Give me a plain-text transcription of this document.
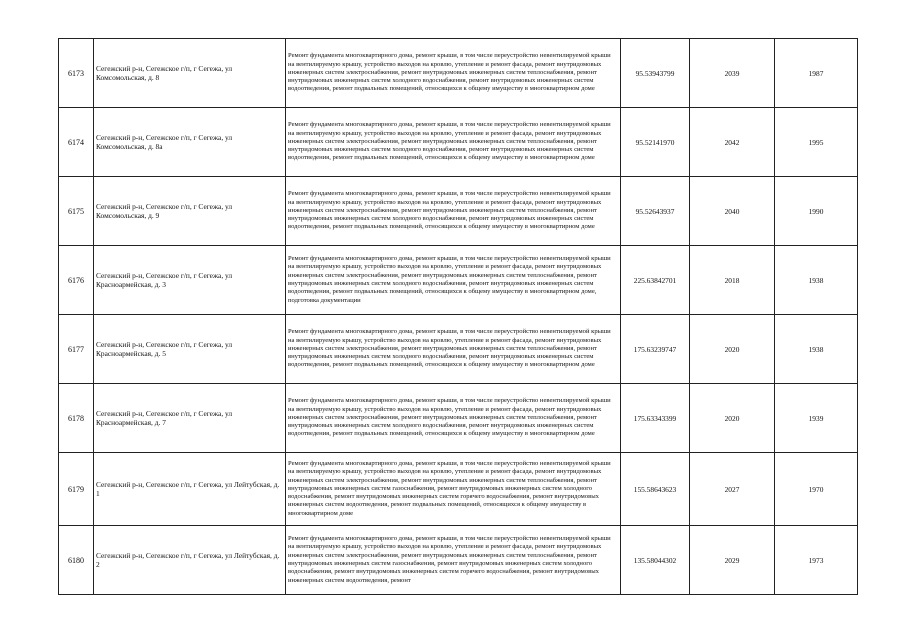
6173	Сегежский р-н, Сегежское г/п, г Сегежа, ул Комсомольская, д. 8	Ремонт фундамента многоквартирного дома, ремонт крыши, в том числе переустройство невентилируемой крыши на вентилируемую крышу, устройство выходов на кровлю, утепление и ремонт фасада, ремонт внутридомовых инженерных систем электроснабжения, ремонт внутридомовых инженерных систем теплоснабжения, ремонт внутридомовых инженерных систем холодного водоснабжения, ремонт внутридомовых инженерных систем водоотведения, ремонт подвальных помещений, относящихся к общему имуществу в многоквартирном доме	95.53943799	2039	1987
6174	Сегежский р-н, Сегежское г/п, г Сегежа, ул Комсомольская, д. 8а	Ремонт фундамента многоквартирного дома, ремонт крыши, в том числе переустройство невентилируемой крыши на вентилируемую крышу, устройство выходов на кровлю, утепление и ремонт фасада, ремонт внутридомовых инженерных систем электроснабжения, ремонт внутридомовых инженерных систем теплоснабжения, ремонт внутридомовых инженерных систем холодного водоснабжения, ремонт внутридомовых инженерных систем водоотведения, ремонт подвальных помещений, относящихся к общему имуществу в многоквартирном доме	95.52141970	2042	1995
6175	Сегежский р-н, Сегежское г/п, г Сегежа, ул Комсомольская, д. 9	Ремонт фундамента многоквартирного дома, ремонт крыши, в том числе переустройство невентилируемой крыши на вентилируемую крышу, устройство выходов на кровлю, утепление и ремонт фасада, ремонт внутридомовых инженерных систем электроснабжения, ремонт внутридомовых инженерных систем теплоснабжения, ремонт внутридомовых инженерных систем холодного водоснабжения, ремонт внутридомовых инженерных систем водоотведения, ремонт подвальных помещений, относящихся к общему имуществу в многоквартирном доме	95.52643937	2040	1990
6176	Сегежский р-н, Сегежское г/п, г Сегежа, ул Красноармейская, д. 3	Ремонт фундамента многоквартирного дома, ремонт крыши, в том числе переустройство невентилируемой крыши на вентилируемую крышу, устройство выходов на кровлю, утепление и ремонт фасада, ремонт внутридомовых инженерных систем электроснабжения, ремонт внутридомовых инженерных систем теплоснабжения, ремонт внутридомовых инженерных систем холодного водоснабжения, ремонт внутридомовых инженерных систем водоотведения, ремонт подвальных помещений, относящихся к общему имуществу в многоквартирном доме, подготовка документации	225.63842701	2018	1938
6177	Сегежский р-н, Сегежское г/п, г Сегежа, ул Красноармейская, д. 5	Ремонт фундамента многоквартирного дома, ремонт крыши, в том числе переустройство невентилируемой крыши на вентилируемую крышу, устройство выходов на кровлю, утепление и ремонт фасада, ремонт внутридомовых инженерных систем электроснабжения, ремонт внутридомовых инженерных систем теплоснабжения, ремонт внутридомовых инженерных систем холодного водоснабжения, ремонт внутридомовых инженерных систем водоотведения, ремонт подвальных помещений, относящихся к общему имуществу в многоквартирном доме	175.63239747	2020	1938
6178	Сегежский р-н, Сегежское г/п, г Сегежа, ул Красноармейская, д. 7	Ремонт фундамента многоквартирного дома, ремонт крыши, в том числе переустройство невентилируемой крыши на вентилируемую крышу, устройство выходов на кровлю, утепление и ремонт фасада, ремонт внутридомовых инженерных систем электроснабжения, ремонт внутридомовых инженерных систем теплоснабжения, ремонт внутридомовых инженерных систем холодного водоснабжения, ремонт внутридомовых инженерных систем водоотведения, ремонт подвальных помещений, относящихся к общему имуществу в многоквартирном доме	175.63343399	2020	1939
6179	Сегежский р-н, Сегежское г/п, г Сегежа, ул Лейтубская, д. 1	Ремонт фундамента многоквартирного дома, ремонт крыши, в том числе переустройство невентилируемой крыши на вентилируемую крышу, устройство выходов на кровлю, утепление и ремонт фасада, ремонт внутридомовых инженерных систем электроснабжения, ремонт внутридомовых инженерных систем теплоснабжения, ремонт внутридомовых инженерных систем газоснабжения, ремонт внутридомовых инженерных систем холодного водоснабжения, ремонт внутридомовых инженерных систем горячего водоснабжения, ремонт внутридомовых инженерных систем водоотведения, ремонт подвальных помещений, относящихся к общему имуществу в многоквартирном доме	155.58643623	2027	1970
6180	Сегежский р-н, Сегежское г/п, г Сегежа, ул Лейтубская, д. 2	Ремонт фундамента многоквартирного дома, ремонт крыши, в том числе переустройство невентилируемой крыши на вентилируемую крышу, устройство выходов на кровлю, утепление и ремонт фасада, ремонт внутридомовых инженерных систем электроснабжения, ремонт внутридомовых инженерных систем теплоснабжения, ремонт внутридомовых инженерных систем газоснабжения, ремонт внутридомовых инженерных систем холодного водоснабжения, ремонт внутридомовых инженерных систем горячего водоснабжения, ремонт внутридомовых инженерных систем водоотведения, ремонт	135.58044302	2029	1973
